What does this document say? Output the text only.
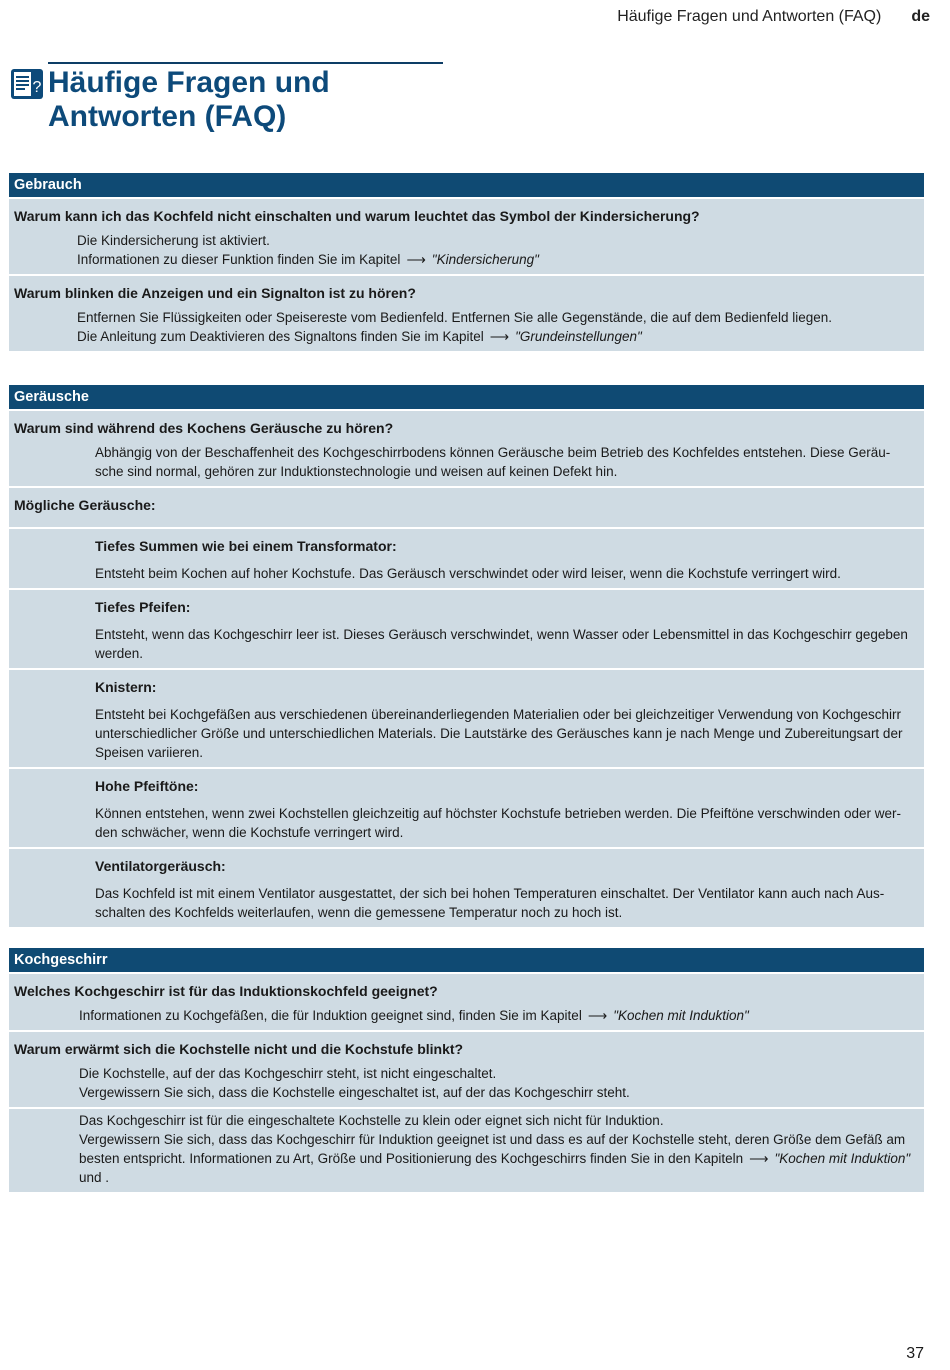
Häufige Fragen und Antworten (FAQ) de
? Häufige Fragen und
Antworten (FAQ)
Gebrauch
Warum kann ich das Kochfeld nicht einschalten und warum leuchtet das Symbol der Kindersicherung?
Die Kindersicherung ist aktiviert.
Informationen zu dieser Funktion finden Sie im Kapitel ⟶ "Kindersicherung"
Warum blinken die Anzeigen und ein Signalton ist zu hören?
Entfernen Sie Flüssigkeiten oder Speisereste vom Bedienfeld. Entfernen Sie alle Gegenstände, die auf dem Bedienfeld liegen.
Die Anleitung zum Deaktivieren des Signaltons finden Sie im Kapitel ⟶ "Grundeinstellungen"
Geräusche
Warum sind während des Kochens Geräusche zu hören?
Abhängig von der Beschaffenheit des Kochgeschirrbodens können Geräusche beim Betrieb des Kochfeldes entstehen. Diese Geräu-
sche sind normal, gehören zur Induktionstechnologie und weisen auf keinen Defekt hin.
Mögliche Geräusche:
Tiefes Summen wie bei einem Transformator:
Entsteht beim Kochen auf hoher Kochstufe. Das Geräusch verschwindet oder wird leiser, wenn die Kochstufe verringert wird.
Tiefes Pfeifen:
Entsteht, wenn das Kochgeschirr leer ist. Dieses Geräusch verschwindet, wenn Wasser oder Lebensmittel in das Kochgeschirr gegeben
werden.
Knistern:
Entsteht bei Kochgefäßen aus verschiedenen übereinanderliegenden Materialien oder bei gleichzeitiger Verwendung von Kochgeschirr
unterschiedlicher Größe und unterschiedlichen Materials. Die Lautstärke des Geräusches kann je nach Menge und Zubereitungsart der
Speisen variieren.
Hohe Pfeiftöne:
Können entstehen, wenn zwei Kochstellen gleichzeitig auf höchster Kochstufe betrieben werden. Die Pfeiftöne verschwinden oder wer-
den schwächer, wenn die Kochstufe verringert wird.
Ventilatorgeräusch:
Das Kochfeld ist mit einem Ventilator ausgestattet, der sich bei hohen Temperaturen einschaltet. Der Ventilator kann auch nach Aus-
schalten des Kochfelds weiterlaufen, wenn die gemessene Temperatur noch zu hoch ist.
Kochgeschirr
Welches Kochgeschirr ist für das Induktionskochfeld geeignet?
Informationen zu Kochgefäßen, die für Induktion geeignet sind, finden Sie im Kapitel ⟶ "Kochen mit Induktion"
Warum erwärmt sich die Kochstelle nicht und die Kochstufe blinkt?
Die Kochstelle, auf der das Kochgeschirr steht, ist nicht eingeschaltet.
Vergewissern Sie sich, dass die Kochstelle eingeschaltet ist, auf der das Kochgeschirr steht.
Das Kochgeschirr ist für die eingeschaltete Kochstelle zu klein oder eignet sich nicht für Induktion.
Vergewissern Sie sich, dass das Kochgeschirr für Induktion geeignet ist und dass es auf der Kochstelle steht, deren Größe dem Gefäß am
besten entspricht. Informationen zu Art, Größe und Positionierung des Kochgeschirrs finden Sie in den Kapiteln ⟶ "Kochen mit Induktion"
und .
37
